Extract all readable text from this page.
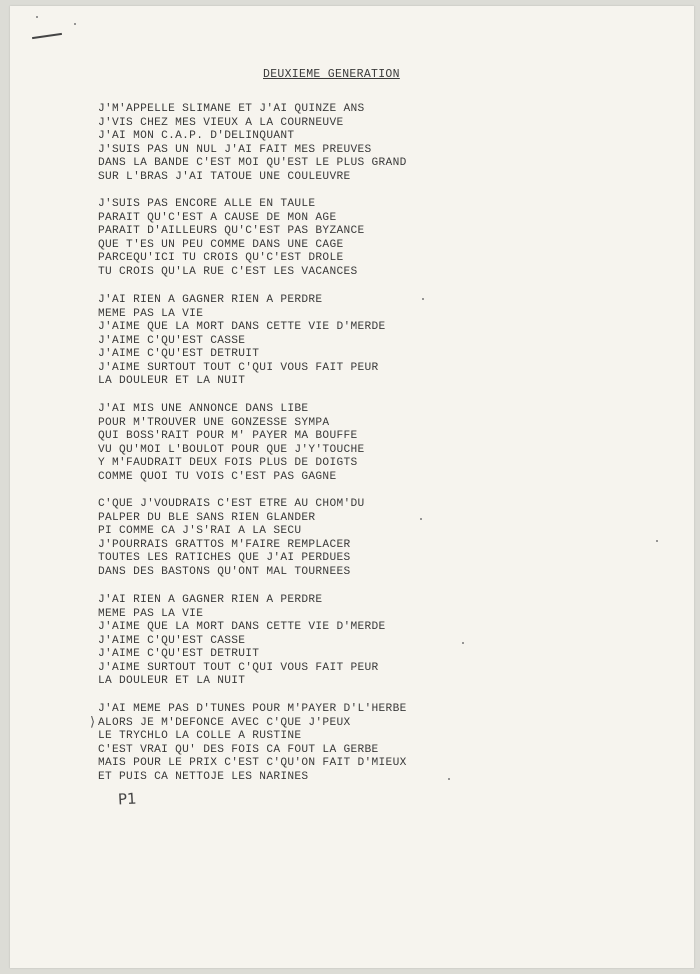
DEUXIEME GENERATION
J'M'APPELLE SLIMANE ET J'AI QUINZE ANS
J'VIS CHEZ MES VIEUX A LA COURNEUVE
J'AI MON C.A.P. D'DELINQUANT
J'SUIS PAS UN NUL J'AI FAIT MES PREUVES
DANS LA BANDE C'EST MOI QU'EST LE PLUS GRAND
SUR L'BRAS J'AI TATOUE UNE COULEUVRE
J'SUIS PAS ENCORE ALLE EN TAULE
PARAIT QU'C'EST A CAUSE DE MON AGE
PARAIT D'AILLEURS QU'C'EST PAS BYZANCE
QUE T'ES UN PEU COMME DANS UNE CAGE
PARCEQU'ICI TU CROIS QU'C'EST DROLE
TU CROIS QU'LA RUE C'EST LES VACANCES
J'AI RIEN A GAGNER RIEN A PERDRE
MEME PAS LA VIE
J'AIME QUE LA MORT DANS CETTE VIE D'MERDE
J'AIME C'QU'EST CASSE
J'AIME C'QU'EST DETRUIT
J'AIME SURTOUT TOUT C'QUI VOUS FAIT PEUR
LA DOULEUR ET LA NUIT
J'AI MIS UNE ANNONCE DANS LIBE
POUR M'TROUVER UNE GONZESSE SYMPA
QUI BOSS'RAIT POUR M' PAYER MA BOUFFE
VU QU'MOI L'BOULOT POUR QUE J'Y'TOUCHE
Y M'FAUDRAIT DEUX FOIS PLUS DE DOIGTS
COMME QUOI TU VOIS C'EST PAS GAGNE
C'QUE J'VOUDRAIS C'EST ETRE AU CHOM'DU
PALPER DU BLE SANS RIEN GLANDER
PI COMME CA J'S'RAI A LA SECU
J'POURRAIS GRATTOS M'FAIRE REMPLACER
TOUTES LES RATICHES QUE J'AI PERDUES
DANS DES BASTONS QU'ONT MAL TOURNEES
J'AI RIEN A GAGNER RIEN A PERDRE
MEME PAS LA VIE
J'AIME QUE LA MORT DANS CETTE VIE D'MERDE
J'AIME C'QU'EST CASSE
J'AIME C'QU'EST DETRUIT
J'AIME SURTOUT TOUT C'QUI VOUS FAIT PEUR
LA DOULEUR ET LA NUIT
⟩
J'AI MEME PAS D'TUNES POUR M'PAYER D'L'HERBE
ALORS JE M'DEFONCE AVEC C'QUE J'PEUX
LE TRYCHLO LA COLLE A RUSTINE
C'EST VRAI QU' DES FOIS CA FOUT LA GERBE
MAIS POUR LE PRIX C'EST C'QU'ON FAIT D'MIEUX
ET PUIS CA NETTOJE LES NARINES
P1
